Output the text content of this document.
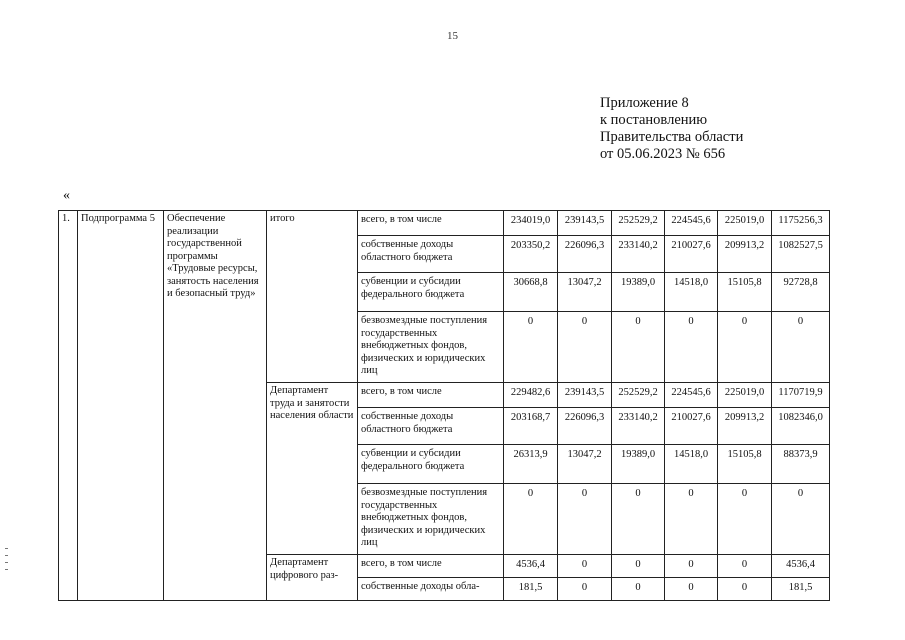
15
Приложение 8
к постановлению
Правительства области
от 05.06.2023 № 656
«
1.	Подпрограмма 5	Обеспечение реализации государственной программы «Трудовые ресурсы, занятость населения и безопасный труд»	итого	всего, в том числе	234019,0	239143,5	252529,2	224545,6	225019,0	1175256,3
				собственные доходы областного бюджета	203350,2	226096,3	233140,2	210027,6	209913,2	1082527,5
				субвенции и субсидии федерального бюджета	30668,8	13047,2	19389,0	14518,0	15105,8	92728,8
				безвозмездные поступления государственных внебюджетных фондов, физических и юридических лиц	0	0	0	0	0	0
			Департамент труда и занятости населения области	всего, в том числе	229482,6	239143,5	252529,2	224545,6	225019,0	1170719,9
				собственные доходы областного бюджета	203168,7	226096,3	233140,2	210027,6	209913,2	1082346,0
				субвенции и субсидии федерального бюджета	26313,9	13047,2	19389,0	14518,0	15105,8	88373,9
				безвозмездные поступления государственных внебюджетных фондов, физических и юридических лиц	0	0	0	0	0	0
			Департамент цифрового раз-	всего, в том числе	4536,4	0	0	0	0	4536,4
				собственные доходы обла-	181,5	0	0	0	0	181,5
